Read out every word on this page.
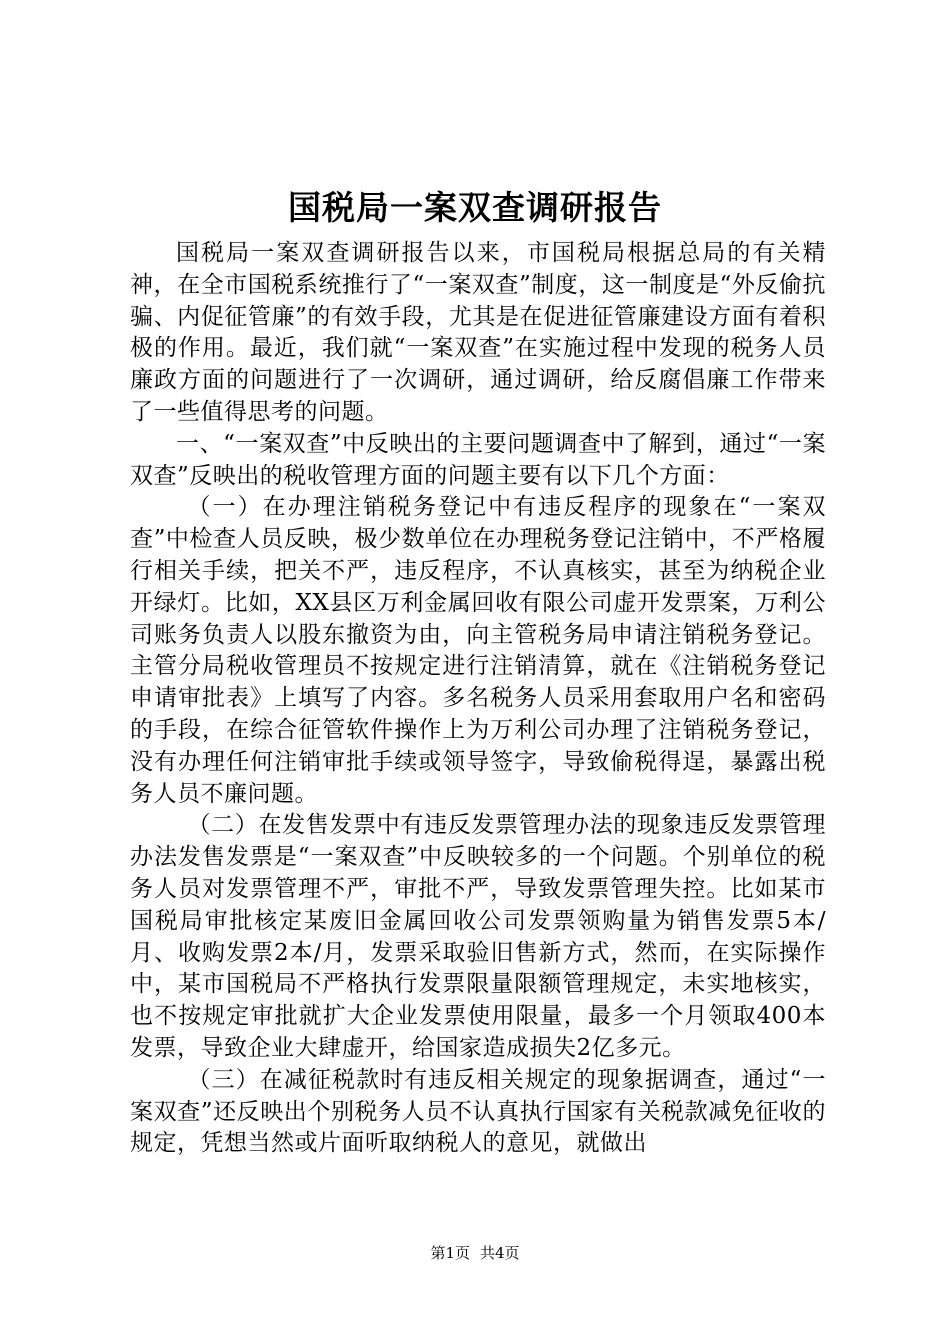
国税局一案双查调研报告

国税局一案双查调研报告以来，市国税局根据总局的有关精神，在全市国税系统推行了“一案双查”制度，这一制度是“外反偷抗骗、内促征管廉”的有效手段，尤其是在促进征管廉建设方面有着积极的作用。最近，我们就“一案双查”在实施过程中发现的税务人员廉政方面的问题进行了一次调研，通过调研，给反腐倡廉工作带来了一些值得思考的问题。

一、“一案双查”中反映出的主要问题调查中了解到，通过“一案双查”反映出的税收管理方面的问题主要有以下几个方面：

（一）在办理注销税务登记中有违反程序的现象在“一案双查”中检查人员反映，极少数单位在办理税务登记注销中，不严格履行相关手续，把关不严，违反程序，不认真核实，甚至为纳税企业开绿灯。比如，XX县区万利金属回收有限公司虚开发票案，万利公司账务负责人以股东撤资为由，向主管税务局申请注销税务登记。主管分局税收管理员不按规定进行注销清算，就在《注销税务登记申请审批表》上填写了内容。多名税务人员采用套取用户名和密码的手段，在综合征管软件操作上为万利公司办理了注销税务登记，没有办理任何注销审批手续或领导签字，导致偷税得逞，暴露出税务人员不廉问题。

（二）在发售发票中有违反发票管理办法的现象违反发票管理办法发售发票是“一案双查”中反映较多的一个问题。个别单位的税务人员对发票管理不严，审批不严，导致发票管理失控。比如某市国税局审批核定某废旧金属回收公司发票领购量为销售发票5本/月、收购发票2本/月，发票采取验旧售新方式，然而，在实际操作中，某市国税局不严格执行发票限量限额管理规定，未实地核实，也不按规定审批就扩大企业发票使用限量，最多一个月领取400本发票，导致企业大肆虚开，给国家造成损失2亿多元。

（三）在减征税款时有违反相关规定的现象据调查，通过“一案双查”还反映出个别税务人员不认真执行国家有关税款减免征收的规定，凭想当然或片面听取纳税人的意见，就做出

第1页 共4页
